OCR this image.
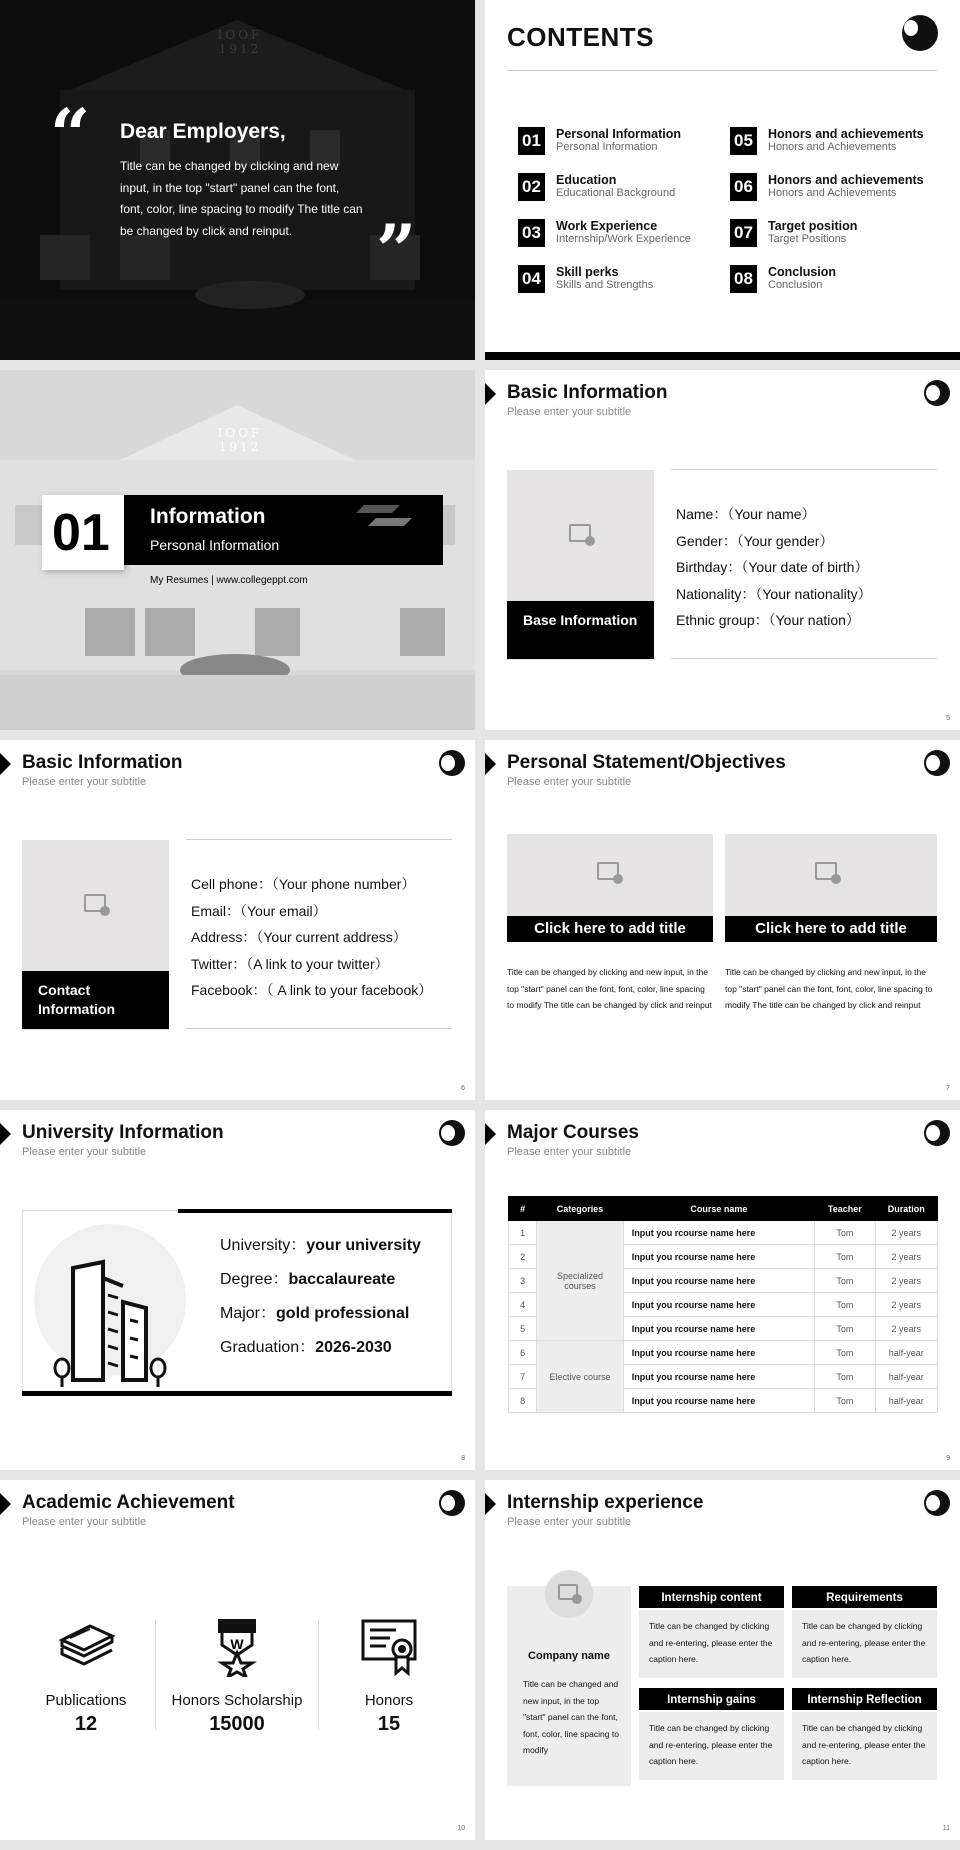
IOOF 1912
“
”
Dear Employers,
Title can be changed by clicking and new input, in the top "start" panel can the font, font, color, line spacing to modify The title can be changed by click and reinput.
CONTENTS
01	Personal Information
Personal Information
02	Education
Educational Background
03	Work Experience
Internship/Work Experience
04	Skill perks
Skills and Strengths
05	Honors and achievements
Honors and Achievements
06	Honors and achievements
Honors and Achievements
07	Target position
Target Positions
08	Conclusion
Conclusion
IOOF 1912
01 Information
Personal Information
My Resumes | www.collegeppt.com
Basic Information
Please enter your subtitle
Base Information
Name：（Your name）
Gender：（Your gender）
Birthday：（Your date of birth）
Nationality：（Your nationality）
Ethnic group：（Your nation）
5
Basic Information
Please enter your subtitle
Contact Information
Cell phone：（Your phone number）
Email：（Your email）
Address：（Your current address）
Twitter：（A link to your twitter）
Facebook：（ A link to your facebook）
6
Personal Statement/Objectives
Please enter your subtitle
Click here to add title
Title can be changed by clicking and new input, in the top "start" panel can the font, font, color, line spacing to modify The title can be changed by click and reinput
Click here to add title
Title can be changed by clicking and new input, in the top "start" panel can the font, font, color, line spacing to modify The title can be changed by click and reinput
7
University Information
Please enter your subtitle
University：your university
Degree：baccalaureate
Major：gold professional
Graduation：2026-2030
8
Major Courses
Please enter your subtitle
#	Categories	Course name	Teacher	Duration
1	Specialized courses	Input you rcourse name here	Tom	2 years
2		Input you rcourse name here	Tom	2 years
3		Input you rcourse name here	Tom	2 years
4		Input you rcourse name here	Tom	2 years
5		Input you rcourse name here	Tom	2 years
6	Elective course	Input you rcourse name here	Tom	half-year
7		Input you rcourse name here	Tom	half-year
8		Input you rcourse name here	Tom	half-year
9
Academic Achievement
Please enter your subtitle
W
Publications
12
Honors Scholarship
15000
Honors
15
10
Internship experience
Please enter your subtitle
Company name
Title can be changed and new input, in the top "start" panel can the font, font, color, line spacing to modify
Internship content
Title can be changed by clicking and re-entering, please enter the caption here.
Requirements
Title can be changed by clicking and re-entering, please enter the caption here.
Internship gains
Title can be changed by clicking and re-entering, please enter the caption here.
Internship Reflection
Title can be changed by clicking and re-entering, please enter the caption here.
11
